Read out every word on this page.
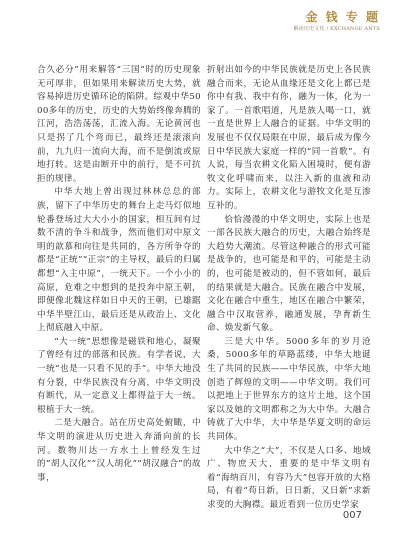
金 钱 专 题
解读历史文化 / EXCHANGE ANTS

合久必分”用来解答“三国”时的历史现象无可厚非，但如果用来解读历史大势，就容易掉进历史循环论的陷阱。综观中华5000多年的历史，历史的大势始终像奔腾的江河，浩浩荡荡，汇流入海。无论黄河也只是拐了几个弯而已，最终还是滚滚向前，九九归一流向大海，而不是倒流或原地打转。这是由断开中的前行，是不可抗拒的规律。

中华大地上曾出现过林林总总的部族，留下了中华历史的舞台上走马灯似地轮番登场过大大小小的国家，相互间有过数不清的争斗和战争，然而他们对中原文明的歆慕和向往是共同的，各方所争夺的都是“正统”“正宗”的主导权，最后的归属都想“入主中原”，一统天下。一个小小的高原，危难之中想到的是投奔中原王朝，即便像北魏这样如日中天的王朝，已雄踞中华半壁江山，最后还是从政治上、文化上彻底融入中原。

“大一统”思想像是磁铁和地心，凝聚了曾经有过的部落和民族。有学者说，大一统“也是一只看不见的手”。中华大地没有分裂，中华民族没有分离，中华文明没有断代，从一定意义上都得益于大一统。根植于大一统。

二是大融合。站在历史高处俯瞰，中华文明的演进从历史进入奔涌向前的长河。数物川达一方水土上曾经发生过的“胡人汉化”“汉人胡化”“胡汉融合”的故事，

折射出如今的中华民族就是历史上各民族融合而来，无论从血缘还是文化上都已是你中有我、我中有你，融为一体，化为一家了。一首歌唱道，凡是族人喝一口，就一直是世界上人融合的证据。中华文明的发展也不仅仅局限在中原，最后成为像今日中华民族大家庭一样的“同一首歌”。有人说，每当农耕文化陷入困境时，便有游牧文化呼啸而来，以注入新的血液和动力。实际上，农耕文化与游牧文化是互渗互补的。

恰恰漫漫的中华文明史，实际上也是一部各民族大融合的历史，大融合始终是大趋势大潮流。尽管这种融合的形式可能是战争的，也可能是和平的，可能是主动的，也可能是被动的，但不管如何，最后的结果就是大融合。民族在融合中发展，文化在融合中重生，地区在融合中繁荣，融合中汉取营养，融通发展，孕育新生命、焕发新气象。

三是大中华。5000多年的岁月沧桑，5000多年的草路蓝缕，中华大地诞生了共同的民族——中华民族，中华大地创造了辉煌的文明——中华文明。我们可以把地上于世界东方的这片土地，这个国家以及她的文明都称之为大中华。大融合铸就了大中华，大中华是华夏文明的命运共同体。

大中华之“大”，不仅是人口多、地域广、物庶天大，重要的是中华文明有着“海纳百川，有容乃大”包容开放的大格局，有着“苟日新，日日新，又日新”求新求变的大胸襟。最近看到一位历史学家

007
